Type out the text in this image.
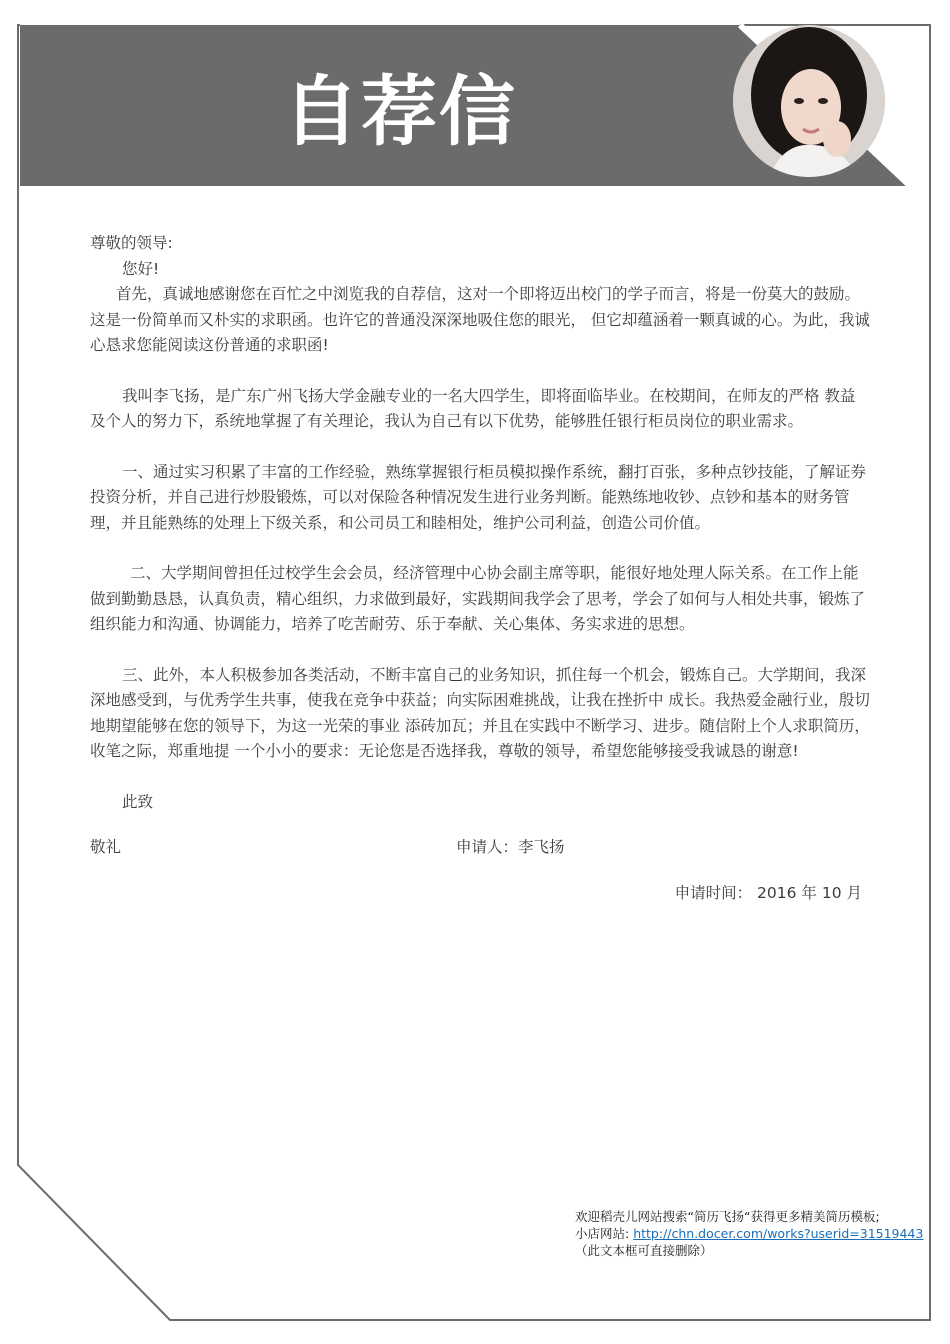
自荐信

尊敬的领导:

您好!

首先，真诚地感谢您在百忙之中浏览我的自荐信，这对一个即将迈出校门的学子而言，将是一份莫大的鼓励。这是一份简单而又朴实的求职函。也许它的普通没深深地吸住您的眼光， 但它却蕴涵着一颗真诚的心。为此，我诚心恳求您能阅读这份普通的求职函!

我叫李飞扬，是广东广州飞扬大学金融专业的一名大四学生，即将面临毕业。在校期间，在师友的严格 教益及个人的努力下，系统地掌握了有关理论，我认为自己有以下优势，能够胜任银行柜员岗位的职业需求。

一、通过实习积累了丰富的工作经验，熟练掌握银行柜员模拟操作系统，翻打百张，多种点钞技能，了解证券投资分析，并自己进行炒股锻炼，可以对保险各种情况发生进行业务判断。能熟练地收钞、点钞和基本的财务管理，并且能熟练的处理上下级关系，和公司员工和睦相处，维护公司利益，创造公司价值。

二、大学期间曾担任过校学生会会员，经济管理中心协会副主席等职，能很好地处理人际关系。在工作上能做到勤勤恳恳，认真负责，精心组织，力求做到最好，实践期间我学会了思考，学会了如何与人相处共事，锻炼了组织能力和沟通、协调能力，培养了吃苦耐劳、乐于奉献、关心集体、务实求进的思想。

三、此外，本人积极参加各类活动，不断丰富自己的业务知识，抓住每一个机会，锻炼自己。大学期间，我深深地感受到，与优秀学生共事，使我在竞争中获益；向实际困难挑战，让我在挫折中 成长。我热爱金融行业，殷切地期望能够在您的领导下，为这一光荣的事业 添砖加瓦；并且在实践中不断学习、进步。随信附上个人求职简历，收笔之际，郑重地提 一个小小的要求：无论您是否选择我，尊敬的领导，希望您能够接受我诚恳的谢意!

此致

敬礼	申请人：李飞扬
申请时间： 2016 年 10 月
欢迎稻壳儿网站搜索“简历飞扬“获得更多精美简历模板;
小店网站: http://chn.docer.com/works?userid=31519443
（此文本框可直接删除）
